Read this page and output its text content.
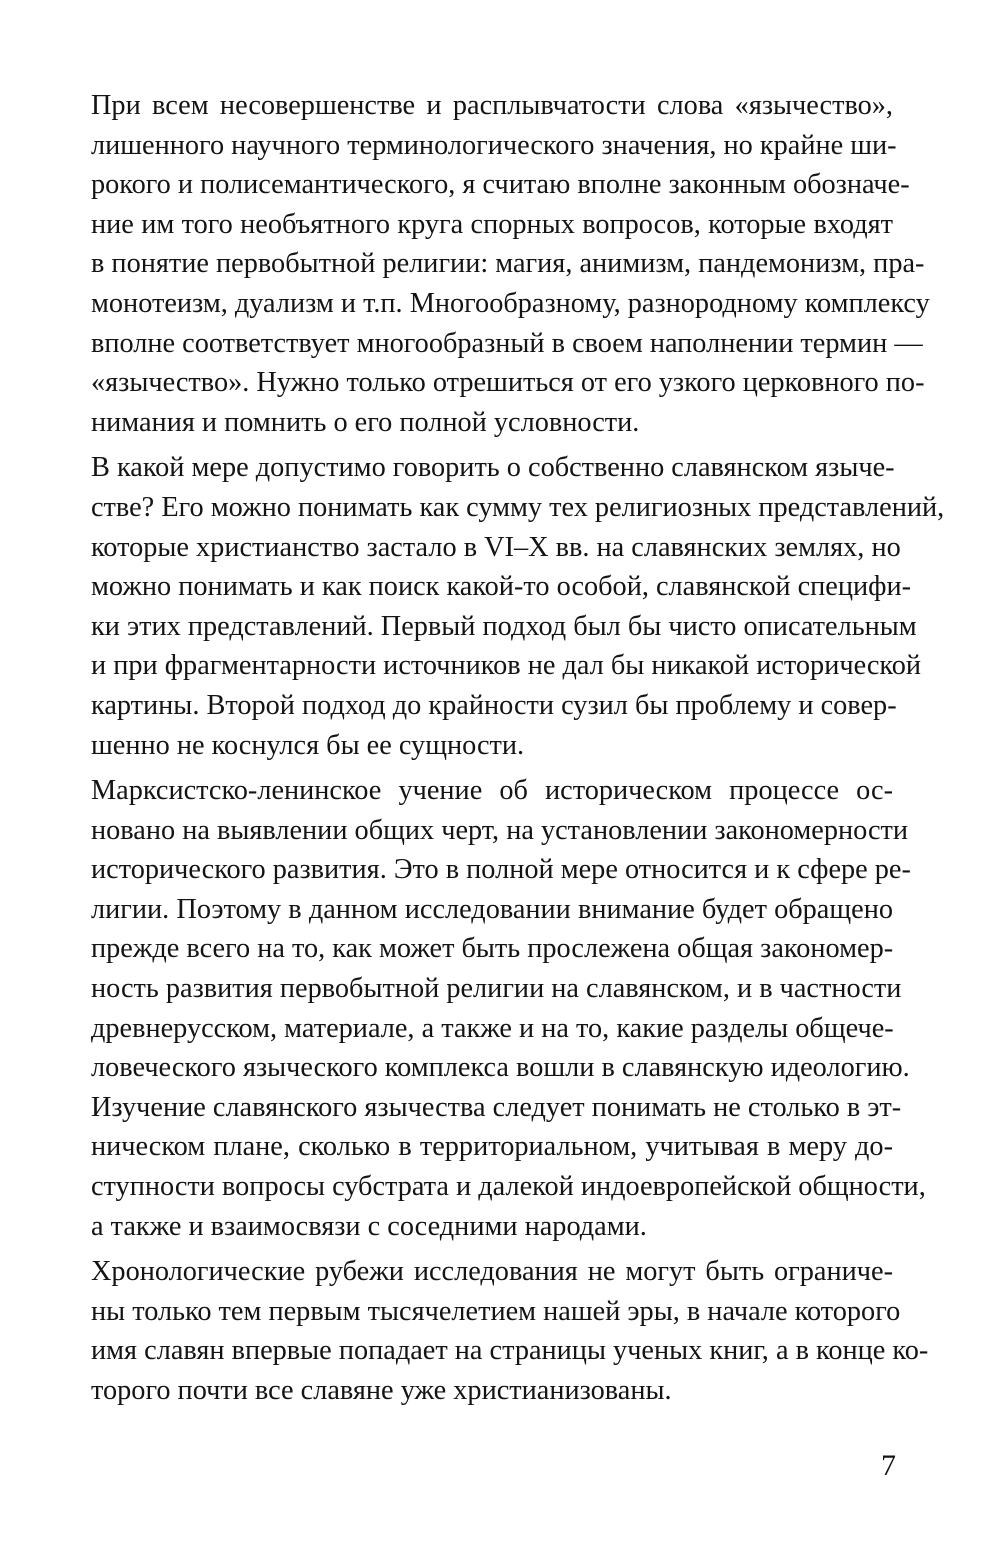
При всем несовершенстве и расплывчатости слова «язычество»,
лишенного научного терминологического значения, но крайне ши-
рокого и полисемантического, я считаю вполне законным обозначе-
ние им того необъятного круга спорных вопросов, которые входят
в понятие первобытной религии: магия, анимизм, пандемонизм, пра-
монотеизм, дуализм и т.п. Многообразному, разнородному комплексу
вполне соответствует многообразный в своем наполнении термин —
«язычество». Нужно только отрешиться от его узкого церковного по-
нимания и помнить о его полной условности.

В какой мере допустимо говорить о собственно славянском языче-
стве? Его можно понимать как сумму тех религиозных представлений,
которые христианство застало в VI–X вв. на славянских землях, но
можно понимать и как поиск какой-то особой, славянской специфи-
ки этих представлений. Первый подход был бы чисто описательным
и при фрагментарности источников не дал бы никакой исторической
картины. Второй подход до крайности сузил бы проблему и совер-
шенно не коснулся бы ее сущности.

Марксистско-ленинское учение об историческом процессе ос-
новано на выявлении общих черт, на установлении закономерности
исторического развития. Это в полной мере относится и к сфере ре-
лигии. Поэтому в данном исследовании внимание будет обращено
прежде всего на то, как может быть прослежена общая закономер-
ность развития первобытной религии на славянском, и в частности
древнерусском, материале, а также и на то, какие разделы общече-
ловеческого языческого комплекса вошли в славянскую идеологию.
Изучение славянского язычества следует понимать не столько в эт-
ническом плане, сколько в территориальном, учитывая в меру до-
ступности вопросы субстрата и далекой индоевропейской общности,
а также и взаимосвязи с соседними народами.

Хронологические рубежи исследования не могут быть ограниче-
ны только тем первым тысячелетием нашей эры, в начале которого
имя славян впервые попадает на страницы ученых книг, а в конце ко-
торого почти все славяне уже христианизованы.

7
